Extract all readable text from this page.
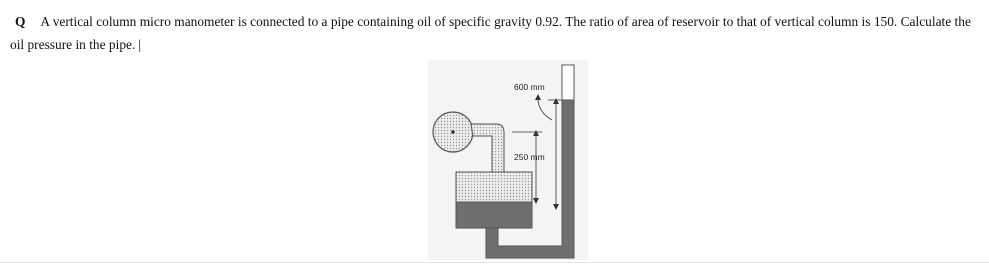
Q A vertical column micro manometer is connected to a pipe containing oil of specific gravity 0.92. The ratio of area of reservoir to that of vertical column is 150. Calculate the oil pressure in the pipe. |
600 mm
250 mm
